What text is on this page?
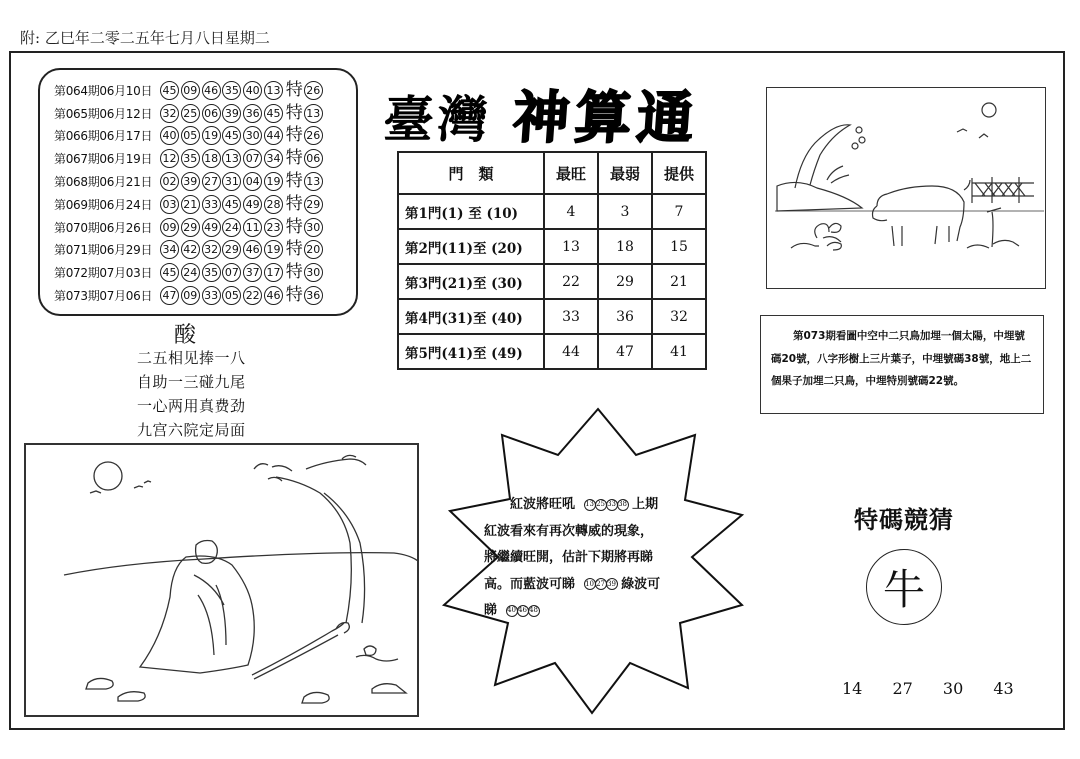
附: 乙巳年二零二五年七月八日星期二
第064期06月10日 45 09 46 35 40 13 特 26
第065期06月12日 32 25 06 39 36 45 特 13
第066期06月17日 40 05 19 45 30 44 特 26
第067期06月19日 12 35 18 13 07 34 特 06
第068期06月21日 02 39 27 31 04 19 特 13
第069期06月24日 03 21 33 45 49 28 特 29
第070期06月26日 09 29 49 24 11 23 特 30
第071期06月29日 34 42 32 29 46 19 特 20
第072期07月03日 45 24 35 07 37 17 特 30
第073期07月06日 47 09 33 05 22 46 特 36
酸
二五相见捧一八
自助一三碰九尾
一心两用真费劲
九宫六院定局面
臺灣 神算通
門　類	最旺	最弱	提供
第1門(1) 至 (10)	4	3	7
第2門(11)至 (20)	13	18	15
第3門(21)至 (30)	22	29	21
第4門(31)至 (40)	33	36	32
第5門(41)至 (49)	44	47	41
第073期看圖中空中二只鳥加埋一個太陽，中埋號碼20號，八字形樹上三片葉子，中埋號碼38號，地上二個果子加埋二只鳥，中埋特別號碼22號。
紅波將旺吼 13 25 33 38 上期
紅波看來有再次轉威的現象，
將繼續旺開，估計下期將再睇
高。而藍波可睇 10 27 39 綠波可
睇 40 46 48
特碼競猜
牛
14 27 30 43
